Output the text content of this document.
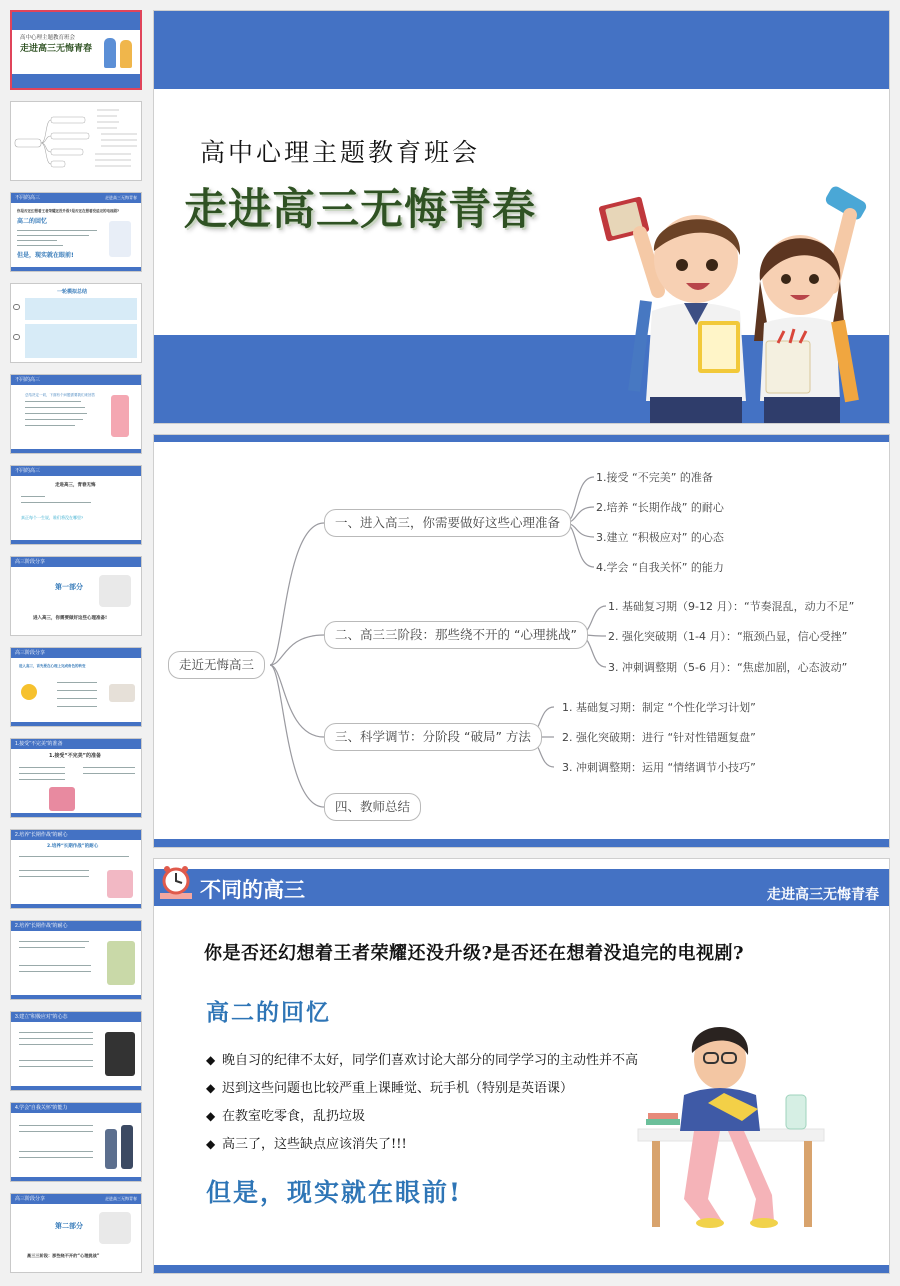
高中心理主题教育班会
走进高三无悔青春
不同的高三	走进高三无悔青春
你是否还幻想着王者荣耀还没升级?是否还在想着没追完的电视剧?
高二的回忆
但是，现实就在眼前!
一轮模拟总结
不同的高三
总结决定一切，下面有个问题需要我们来回答
不同的高三
走进高三，青春无悔
真正每个一生说，谁们将没在哪里?
高三阶段分享
第一部分
进入高三，你需要做好这些心理准备!
高三阶段分享
进入高三，首先要在心理上完成角色的转变
1.接受“不完美”的准备
1.接受“不完美”的准备
2.培养“长期作战”的耐心
2.培养“长期作战”的耐心
2.培养“长期作战”的耐心
3.建立“积极应对”的心态
4.学会“自我关怀”的能力
高三阶段分享	走进高三无悔青春
第二部分
高三三阶段：那些绕不开的“心理挑战”
高中心理主题教育班会
走进高三无悔青春
走近无悔高三
一、进入高三，你需要做好这些心理准备
1.接受 “不完美” 的准备
2.培养 “长期作战” 的耐心
3.建立 “积极应对” 的心态
4.学会 “自我关怀” 的能力
二、高三三阶段：那些绕不开的 “心理挑战”
1. 基础复习期（9-12 月）：“节奏混乱，动力不足”
2. 强化突破期（1-4 月）：“瓶颈凸显，信心受挫”
3. 冲刺调整期（5-6 月）：“焦虑加剧，心态波动”
三、科学调节：分阶段 “破局” 方法
1. 基础复习期：制定 “个性化学习计划”
2. 强化突破期：进行 “针对性错题复盘”
3. 冲刺调整期：运用 “情绪调节小技巧”
四、教师总结
不同的高三	走进高三无悔青春
你是否还幻想着王者荣耀还没升级?是否还在想着没追完的电视剧?
高二的回忆
◆ 晚自习的纪律不太好，同学们喜欢讨论大部分的同学学习的主动性并不高
◆ 迟到这些问题也比较严重上课睡觉、玩手机（特别是英语课）
◆ 在教室吃零食，乱扔垃圾
◆ 高三了，这些缺点应该消失了!!!
但是，现实就在眼前!
